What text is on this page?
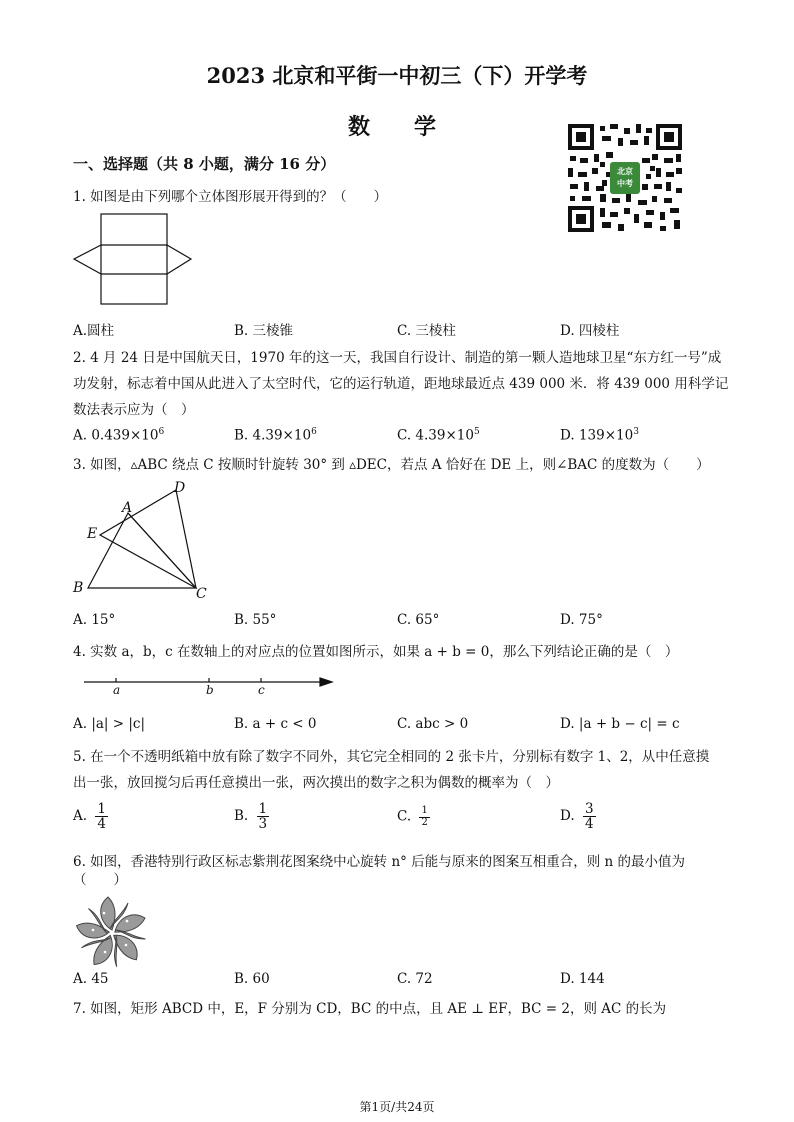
2023 北京和平街一中初三（下）开学考
数学
北京
中考
一、选择题（共 8 小题，满分 16 分）
1. 如图是由下列哪个立体图形展开得到的？（　　）
A.圆柱	B. 三棱锥	C. 三棱柱	D. 四棱柱
2. 4 月 24 日是中国航天日，1970 年的这一天，我国自行设计、制造的第一颗人造地球卫星“东方红一号”成
功发射，标志着中国从此进入了太空时代，它的运行轨道，距地球最近点 439 000 米．将 439 000 用科学记
数法表示应为（　）
A. $0.439\times 10^6$	B. $4.39\times 10^6$	C. $4.39\times 10^5$	D. $139\times 10^3$
3. 如图，▵ABC 绕点 C 按顺时针旋转 30° 到 ▵DEC，若点 A 恰好在 DE 上，则∠BAC 的度数为（　　）
D
A
E
B	C
A. 15°	B. 55°	C. 65°	D. 75°
4. 实数 a，b，c 在数轴上的对应点的位置如图所示，如果 a + b = 0，那么下列结论正确的是（　）
a	b	c
A. |a| > |c|	B. a + c < 0	C. abc > 0	D. |a + b − c| = c
5. 在一个不透明纸箱中放有除了数字不同外，其它完全相同的 2 张卡片，分别标有数字 1、2，从中任意摸
出一张，放回搅匀后再任意摸出一张，两次摸出的数字之积为偶数的概率为（　）
A. $\frac{1}{4}$	B. $\frac{1}{3}$	C. $\frac{1}{2}$	D. $\frac{3}{4}$
6. 如图，香港特别行政区标志紫荆花图案绕中心旋转 n° 后能与原来的图案互相重合，则 n 的最小值为
（　　）
A. 45	B. 60	C. 72	D. 144
7. 如图，矩形 ABCD 中，E，F 分别为 CD，BC 的中点，且 AE ⊥ EF，BC = 2，则 AC 的长为
第1页/共24页
